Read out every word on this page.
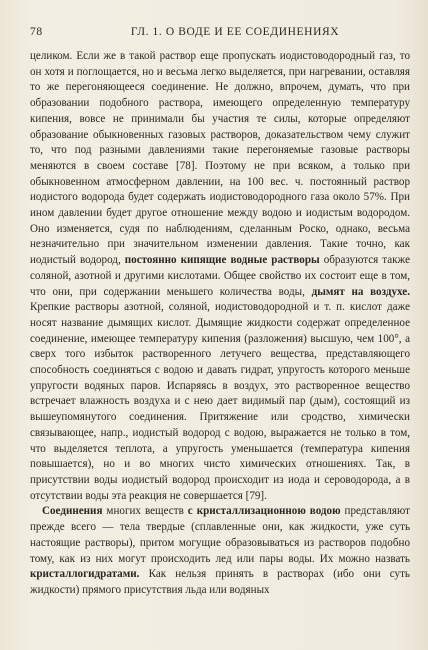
78	ГЛ. 1. О ВОДЕ И ЕЕ СОЕДИНЕНИЯХ

целиком. Если же в такой раствор еще пропускать иодистоводородный газ, то он хотя и поглощается, но и весьма легко выделяется, при нагревании, оставляя то же перегоняющееся соединение. Не должно, впрочем, думать, что при образовании подобного раствора, имеющего определенную температуру кипения, вовсе не принимали бы участия те силы, которые определяют образование обыкновенных газовых растворов, доказательством чему служит то, что под разными давлениями такие перегоняемые газовые растворы меняются в своем составе [78]. Поэтому не при всяком, а только при обыкновенном атмосферном давлении, на 100 вес. ч. постоянный раствор иодистого водорода будет содержать иодистоводородного газа около 57%. При ином давлении будет другое отношение между водою и иодистым водородом. Оно изменяется, судя по наблюдениям, сделанным Роско, однако, весьма незначительно при значительном изменении давления. Такие точно, как иодистый водород, постоянно кипящие водные растворы образуются также соляной, азотной и другими кислотами. Общее свойство их состоит еще в том, что они, при содержании меньшего количества воды, дымят на воздухе. Крепкие растворы азотной, соляной, иодистоводородной и т. п. кислот даже носят название дымящих кислот. Дымящие жидкости содержат определенное соединение, имеющее температуру кипения (разложения) высшую, чем 100°, а сверх того избыток растворенного летучего вещества, представляющего способность соединяться с водою и давать гидрат, упругость которого меньше упругости водяных паров. Испаряясь в воздух, это растворенное вещество встречает влажность воздуха и с нею дает видимый пар (дым), состоящий из вышеупомянутого соединения. Притяжение или сродство, химически связывающее, напр., иодистый водород с водою, выражается не только в том, что выделяется теплота, а упругость уменьшается (температура кипения повышается), но и во многих чисто химических отношениях. Так, в присутствии воды иодистый водород происходит из иода и сероводорода, а в отсутствии воды эта реакция не совершается [79].

Соединения многих веществ с кристаллизационною водою представляют прежде всего — тела твердые (сплавленные они, как жидкости, уже суть настоящие растворы), притом могущие образовываться из растворов подобно тому, как из них могут происходить лед или пары воды. Их можно назвать кристаллогидратами. Как нельзя принять в растворах (ибо они суть жидкости) прямого присутствия льда или водяных
